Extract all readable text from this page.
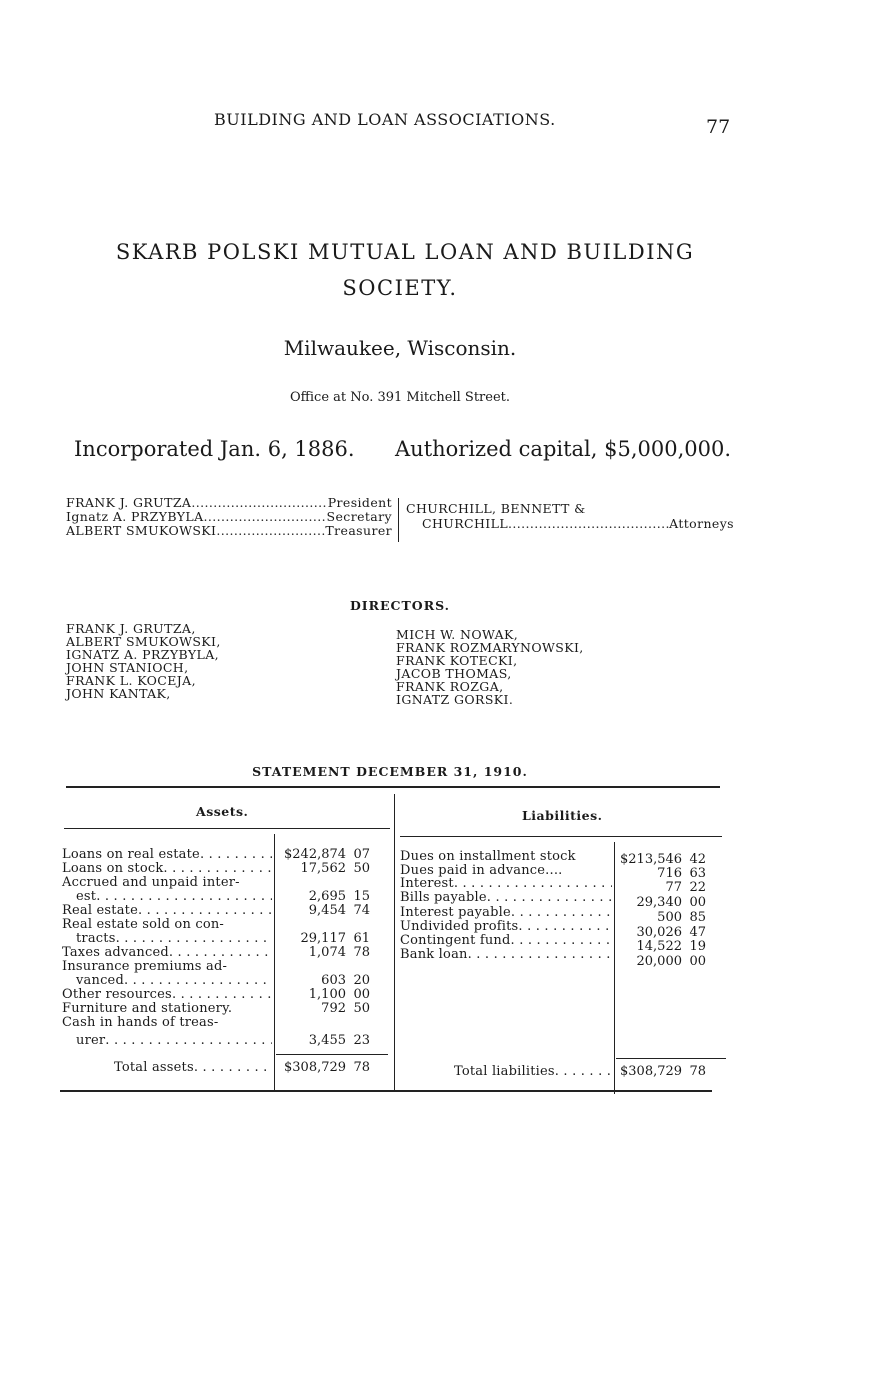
BUILDING AND LOAN ASSOCIATIONS.	77
SKARB POLSKI MUTUAL LOAN AND BUILDING
SOCIETY.
Milwaukee, Wisconsin.
Office at No. 391 Mitchell Street.
Incorporated Jan. 6, 1886. Authorized capital, $5,000,000.
FRANK J. GRUTZA .....	President
Ignatz A. PRZYBYLA .....	Secretary
ALBERT SMUKOWSKI .....	Treasurer
CHURCHILL, BENNETT &
CHURCHILL .....	Attorneys
DIRECTORS.
FRANK J. GRUTZA,
ALBERT SMUKOWSKI,
IGNATZ A. PRZYBYLA,
JOHN STANIOCH,
FRANK L. KOCEJA,
JOHN KANTAK,
MICH W. NOWAK,
FRANK ROZMARYNOWSKI,
FRANK KOTECKI,
JACOB THOMAS,
FRANK ROZGA,
IGNATZ GORSKI.
STATEMENT DECEMBER 31, 1910.
Assets.	Liabilities.
Loans on real estate . . .	$242,874 07
Loans on stock . . .	17,562 50
Accrued and unpaid inter-
est . . .	2,695 15
Real estate . . .	9,454 74
Real estate sold on con-
tracts . . .	29,117 61
Taxes advanced . . .	1,074 78
Insurance premiums ad-
vanced . . .	603 20
Other resources . . .	1,100 00
Furniture and stationery.	792 50
Cash in hands of treas-
urer . . .	3,455 23
Total assets . . .	$308,729 78
Dues on installment stock	$213,546 42
Dues paid in advance....	716 63
Interest . . .	77 22
Bills payable . . .	29,340 00
Interest payable . . .	500 85
Undivided profits . . .	30,026 47
Contingent fund . . .	14,522 19
Bank loan . . .	20,000 00
Total liabilities . . .	$308,729 78
